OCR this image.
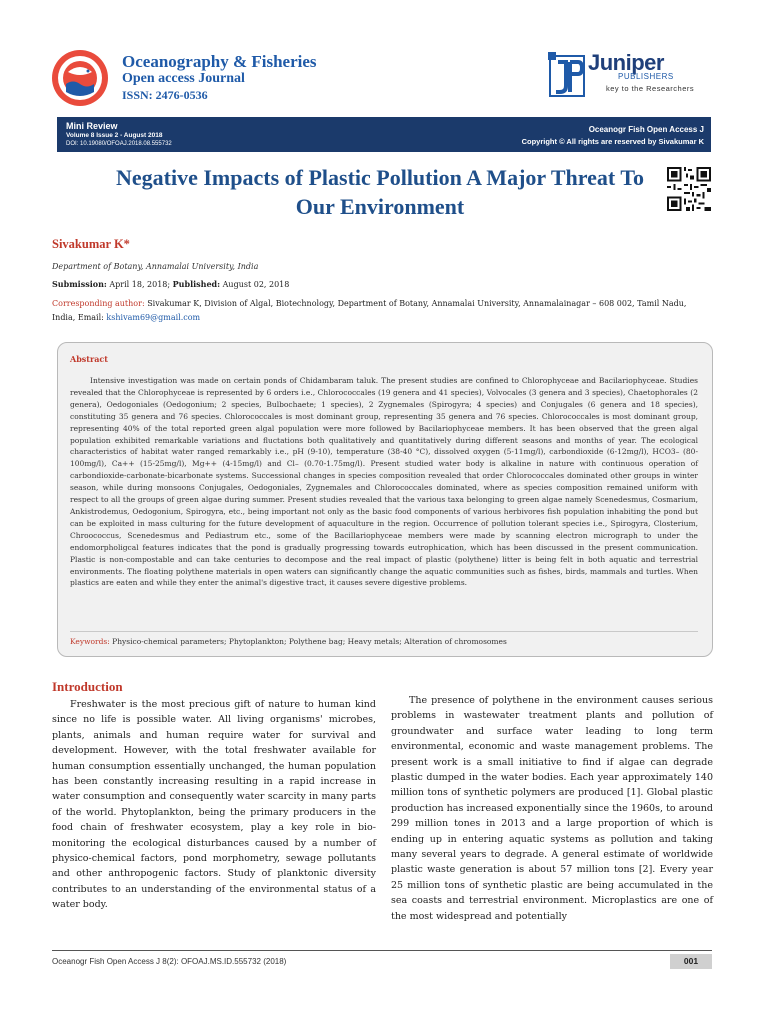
Oceanography & Fisheries
Open access Journal
ISSN: 2476-0536
Juniper
PUBLISHERS
key to the Researchers
Mini Review
Volume 8 Issue 2 - August 2018
DOI: 10.19080/OFOAJ.2018.08.555732
Oceanogr Fish Open Access J
Copyright © All rights are reserved by Sivakumar K
Negative Impacts of Plastic Pollution A Major Threat To Our Environment
Sivakumar K*
Department of Botany, Annamalai University, India
Submission: April 18, 2018; Published: August 02, 2018
Corresponding author: Sivakumar K, Division of Algal, Biotechnology, Department of Botany, Annamalai University, Annamalainagar – 608 002, Tamil Nadu, India, Email: kshivam69@gmail.com
Abstract
Intensive investigation was made on certain ponds of Chidambaram taluk. The present studies are confined to Chlorophyceae and Bacilariophyceae. Studies revealed that the Chlorophyceae is represented by 6 orders i.e., Chlorococcales (19 genera and 41 species), Volvocales (3 genera and 3 species), Chaetophorales (2 genera), Oedogoniales (Oedogonium; 2 species, Bulbochaete; 1 species), 2 Zygnemales (Spirogyra; 4 species) and Conjugales (6 genera and 18 species), constituting 35 genera and 76 species. Chlorococcales is most dominant group, representing 35 genera and 76 species. Chlorococcales is most dominant group, representing 40% of the total reported green algal population were more followed by Bacilariophyceae members. It has been observed that the green algal population exhibited remarkable variations and fluctations both qualitatively and quantitatively during different seasons and months of year. The ecological characteristics of habitat water ranged remarkably i.e., pH (9-10), temperature (38-40 °C), dissolved oxygen (5-11mg/l), carbondioxide (6-12mg/l), HCO3– (80-100mg/l), Ca++ (15-25mg/l), Mg++ (4-15mg/l) and Cl– (0.70-1.75mg/l). Present studied water body is alkaline in nature with continuous operation of carbondioxide-carbonate-bicarbonate systems. Successional changes in species composition revealed that order Chlorococcales dominated other groups in winter season, while during monsoons Conjugales, Oedogoniales, Zygnemales and Chlorococcales dominated, where as species composition remained uniform with respect to all the groups of green algae during summer. Present studies revealed that the various taxa belonging to green algae namely Scenedesmus, Cosmarium, Ankistrodemus, Oedogonium, Spirogyra, etc., being important not only as the basic food components of various herbivores fish population inhabiting the pond but can be exploited in mass culturing for the future development of aquaculture in the region. Occurrence of pollution tolerant species i.e., Spirogyra, Closterium, Chroococcus, Scenedesmus and Pediastrum etc., some of the Bacillariophyceae members were made by scanning electron micrograph to under the endomorpholigcal features indicates that the pond is gradually progressing towards eutrophication, which has been discussed in the present communication. Plastic is non-compostable and can take centuries to decompose and the real impact of plastic (polythene) litter is being felt in both aquatic and terrestrial environments. The floating polythene materials in open waters can significantly change the aquatic communities such as fishes, birds, mammals and turtles. When plastics are eaten and while they enter the animal's digestive tract, it causes severe digestive problems.
Keywords: Physico-chemical parameters; Phytoplankton; Polythene bag; Heavy metals; Alteration of chromosomes
Introduction
Freshwater is the most precious gift of nature to human kind since no life is possible water. All living organisms' microbes, plants, animals and human require water for survival and development. However, with the total freshwater available for human consumption essentially unchanged, the human population has been constantly increasing resulting in a rapid increase in water consumption and consequently water scarcity in many parts of the world. Phytoplankton, being the primary producers in the food chain of freshwater ecosystem, play a key role in bio-monitoring the ecological disturbances caused by a number of physico-chemical factors, pond morphometry, sewage pollutants and other anthropogenic factors. Study of planktonic diversity contributes to an understanding of the environmental status of a water body.
The presence of polythene in the environment causes serious problems in wastewater treatment plants and pollution of groundwater and surface water leading to long term environmental, economic and waste management problems. The present work is a small initiative to find if algae can degrade plastic dumped in the water bodies. Each year approximately 140 million tons of synthetic polymers are produced [1]. Global plastic production has increased exponentially since the 1960s, to around 299 million tones in 2013 and a large proportion of which is ending up in entering aquatic systems as pollution and taking many several years to degrade. A general estimate of worldwide plastic waste generation is about 57 million tons [2]. Every year 25 million tons of synthetic plastic are being accumulated in the sea coasts and terrestrial environment. Microplastics are one of the most widespread and potentially
Oceanogr Fish Open Access J 8(2): OFOAJ.MS.ID.555732 (2018)	001
